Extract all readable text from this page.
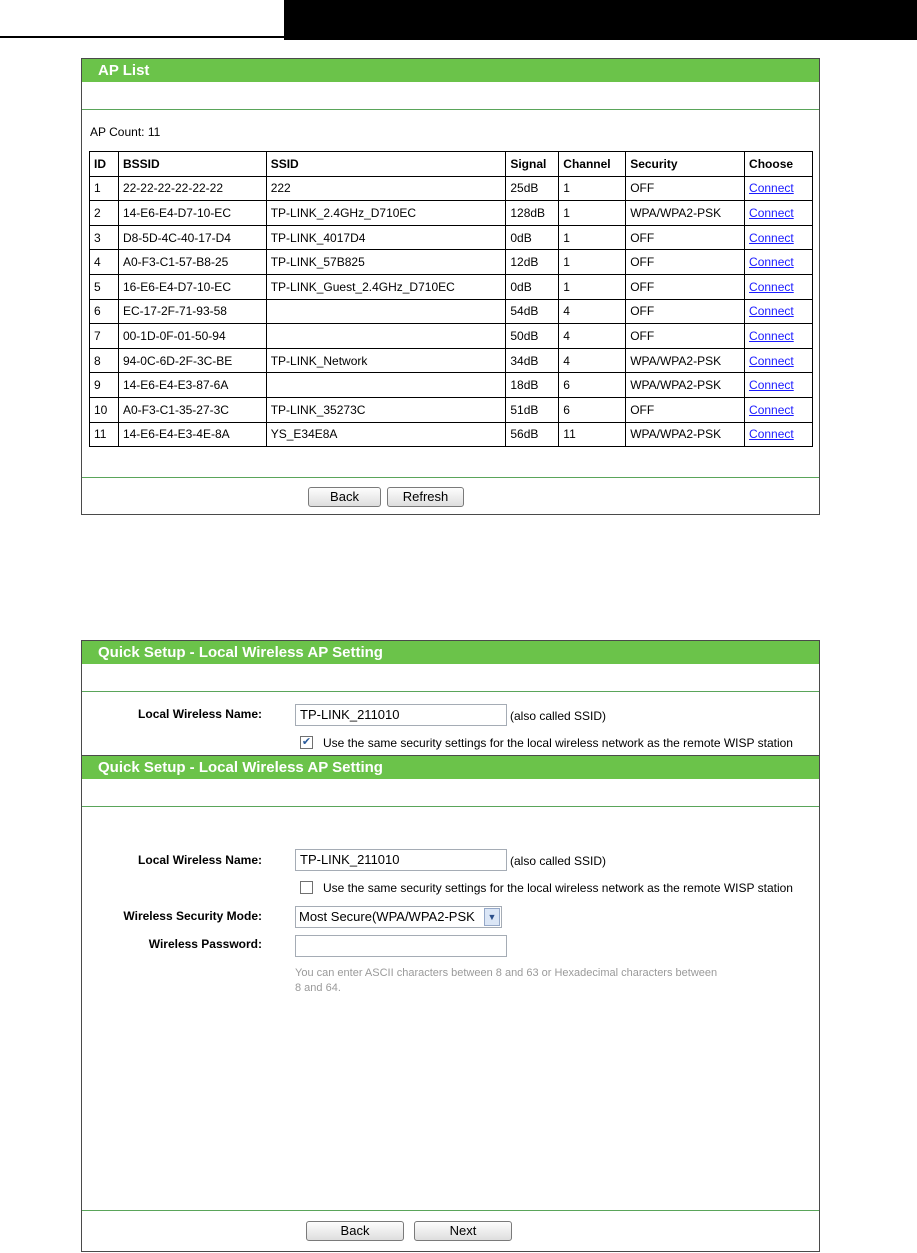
AP List
AP Count: 11
ID	BSSID	SSID	Signal	Channel	Security	Choose
1	22-22-22-22-22-22	222	25dB	1	OFF	Connect
2	14-E6-E4-D7-10-EC	TP-LINK_2.4GHz_D710EC	128dB	1	WPA/WPA2-PSK	Connect
3	D8-5D-4C-40-17-D4	TP-LINK_4017D4	0dB	1	OFF	Connect
4	A0-F3-C1-57-B8-25	TP-LINK_57B825	12dB	1	OFF	Connect
5	16-E6-E4-D7-10-EC	TP-LINK_Guest_2.4GHz_D710EC	0dB	1	OFF	Connect
6	EC-17-2F-71-93-58		54dB	4	OFF	Connect
7	00-1D-0F-01-50-94		50dB	4	OFF	Connect
8	94-0C-6D-2F-3C-BE	TP-LINK_Network	34dB	4	WPA/WPA2-PSK	Connect
9	14-E6-E4-E3-87-6A		18dB	6	WPA/WPA2-PSK	Connect
10	A0-F3-C1-35-27-3C	TP-LINK_35273C	51dB	6	OFF	Connect
11	14-E6-E4-E3-4E-8A	YS_E34E8A	56dB	11	WPA/WPA2-PSK	Connect
Back	Refresh
Quick Setup - Local Wireless AP Setting
Local Wireless Name:	TP-LINK_211010	(also called SSID)
✔ Use the same security settings for the local wireless network as the remote WISP station
Quick Setup - Local Wireless AP Setting
Local Wireless Name:	TP-LINK_211010	(also called SSID)
Use the same security settings for the local wireless network as the remote WISP station
Wireless Security Mode:	Most Secure(WPA/WPA2-PSK	▼
Wireless Password:
You can enter ASCII characters between 8 and 63 or Hexadecimal characters between
8 and 64.
Back	Next
